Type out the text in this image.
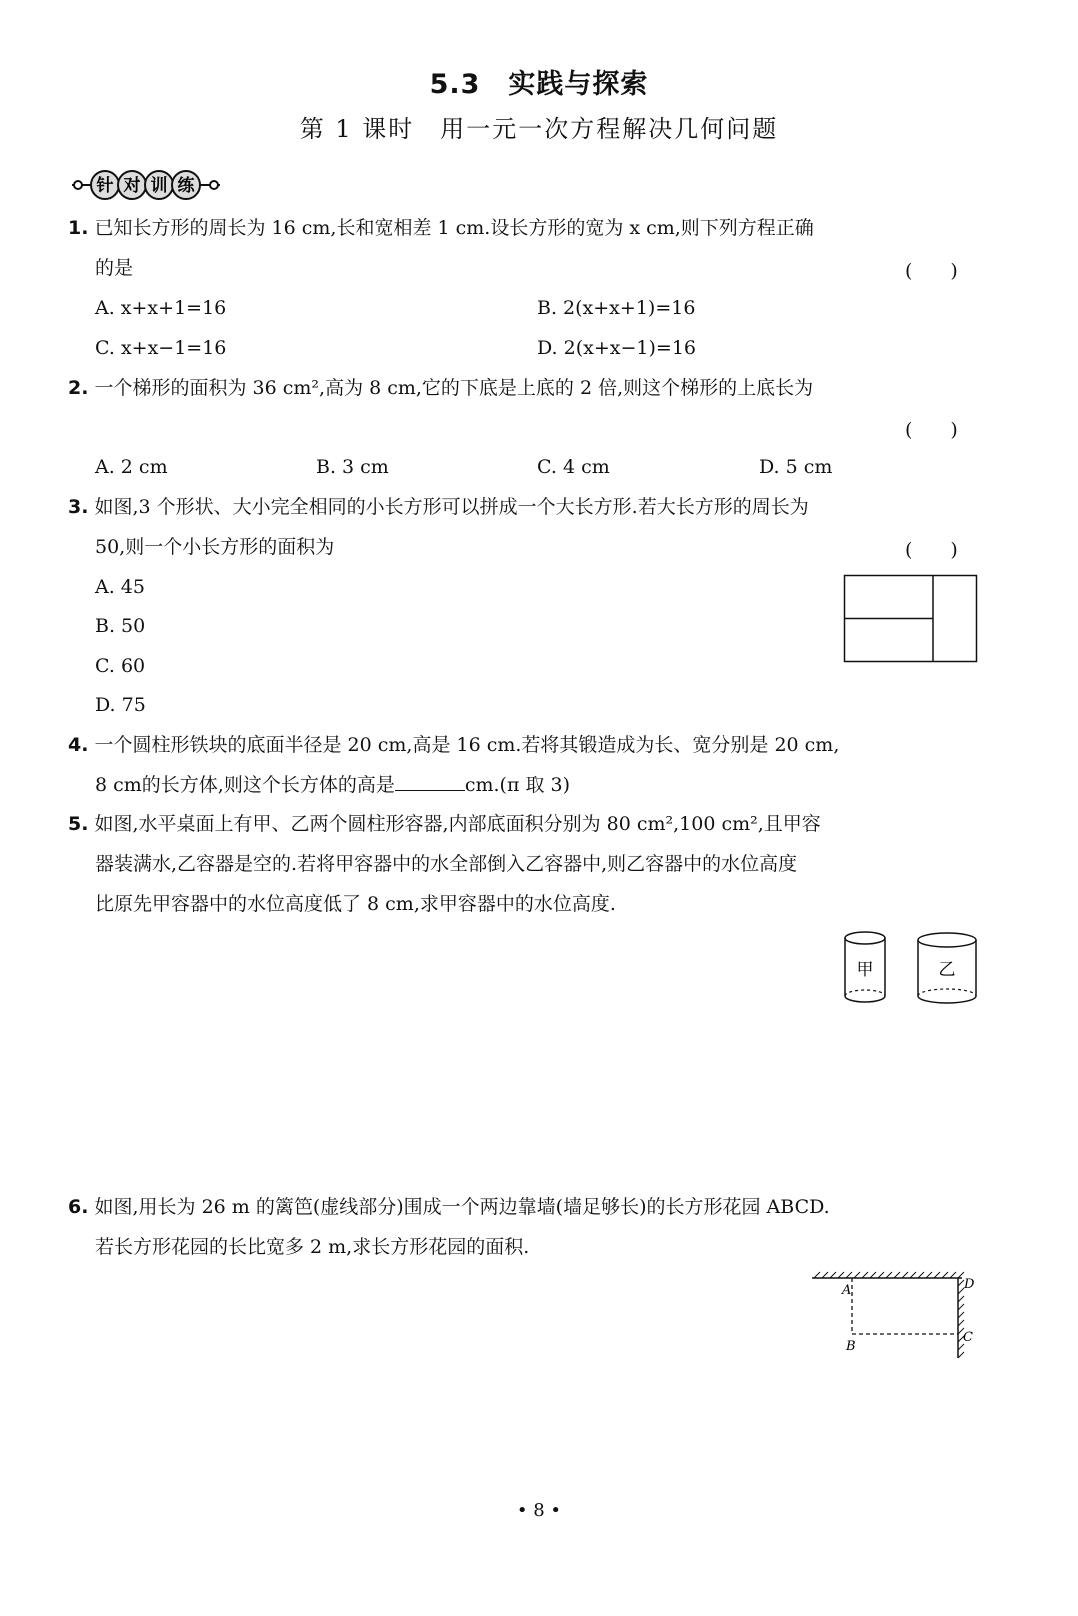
5.3　实践与探索
第 1 课时　用一元一次方程解决几何问题
针 对 训 练
1. 已知长方形的周长为 16 cm,长和宽相差 1 cm.设长方形的宽为 x cm,则下列方程正确
的是	(　　)
A. x+x+1=16	B. 2(x+x+1)=16
C. x+x−1=16	D. 2(x+x−1)=16
2. 一个梯形的面积为 36 cm²,高为 8 cm,它的下底是上底的 2 倍,则这个梯形的上底长为
(　　)
A. 2 cm	B. 3 cm	C. 4 cm	D. 5 cm
3. 如图,3 个形状、大小完全相同的小长方形可以拼成一个大长方形.若大长方形的周长为
50,则一个小长方形的面积为	(　　)
A. 45
B. 50
C. 60
D. 75
4. 一个圆柱形铁块的底面半径是 20 cm,高是 16 cm.若将其锻造成为长、宽分别是 20 cm,
8 cm的长方体,则这个长方体的高是	cm.(π 取 3)
5. 如图,水平桌面上有甲、乙两个圆柱形容器,内部底面积分别为 80 cm²,100 cm²,且甲容
器装满水,乙容器是空的.若将甲容器中的水全部倒入乙容器中,则乙容器中的水位高度
比原先甲容器中的水位高度低了 8 cm,求甲容器中的水位高度.
甲	乙
6. 如图,用长为 26 m 的篱笆(虚线部分)围成一个两边靠墙(墙足够长)的长方形花园 ABCD.
若长方形花园的长比宽多 2 m,求长方形花园的面积.
A
B
C
D
• 8 •
